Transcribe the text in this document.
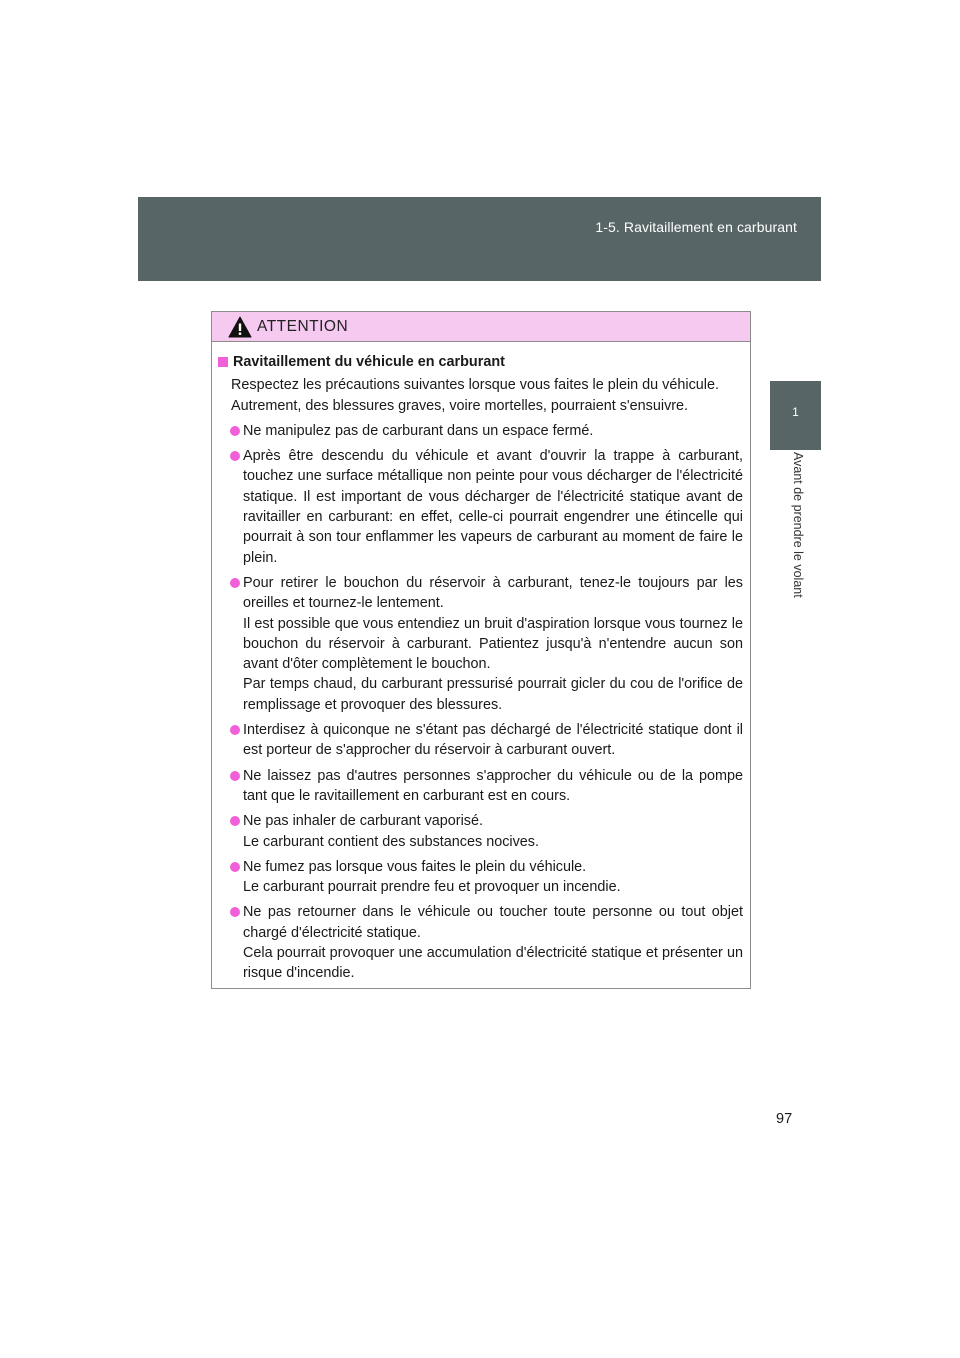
1-5. Ravitaillement en carburant
1
Avant de prendre le volant
ATTENTION
Ravitaillement du véhicule en carburant

Respectez les précautions suivantes lorsque vous faites le plein du véhicule. Autrement, des blessures graves, voire mortelles, pourraient s'ensuivre.

Ne manipulez pas de carburant dans un espace fermé.
Après être descendu du véhicule et avant d'ouvrir la trappe à carburant, touchez une surface métallique non peinte pour vous décharger de l'électricité statique. Il est important de vous décharger de l'électricité statique avant de ravitailler en carburant: en effet, celle-ci pourrait engendrer une étincelle qui pourrait à son tour enflammer les vapeurs de carburant au moment de faire le plein.
Pour retirer le bouchon du réservoir à carburant, tenez-le toujours par les oreilles et tournez-le lentement.
Il est possible que vous entendiez un bruit d'aspiration lorsque vous tournez le bouchon du réservoir à carburant. Patientez jusqu'à n'entendre aucun son avant d'ôter complètement le bouchon.
Par temps chaud, du carburant pressurisé pourrait gicler du cou de l'orifice de remplissage et provoquer des blessures.
Interdisez à quiconque ne s'étant pas déchargé de l'électricité statique dont il est porteur de s'approcher du réservoir à carburant ouvert.
Ne laissez pas d'autres personnes s'approcher du véhicule ou de la pompe tant que le ravitaillement en carburant est en cours.
Ne pas inhaler de carburant vaporisé.
Le carburant contient des substances nocives.
Ne fumez pas lorsque vous faites le plein du véhicule.
Le carburant pourrait prendre feu et provoquer un incendie.
Ne pas retourner dans le véhicule ou toucher toute personne ou tout objet chargé d'électricité statique.
Cela pourrait provoquer une accumulation d'électricité statique et présenter un risque d'incendie.
97
